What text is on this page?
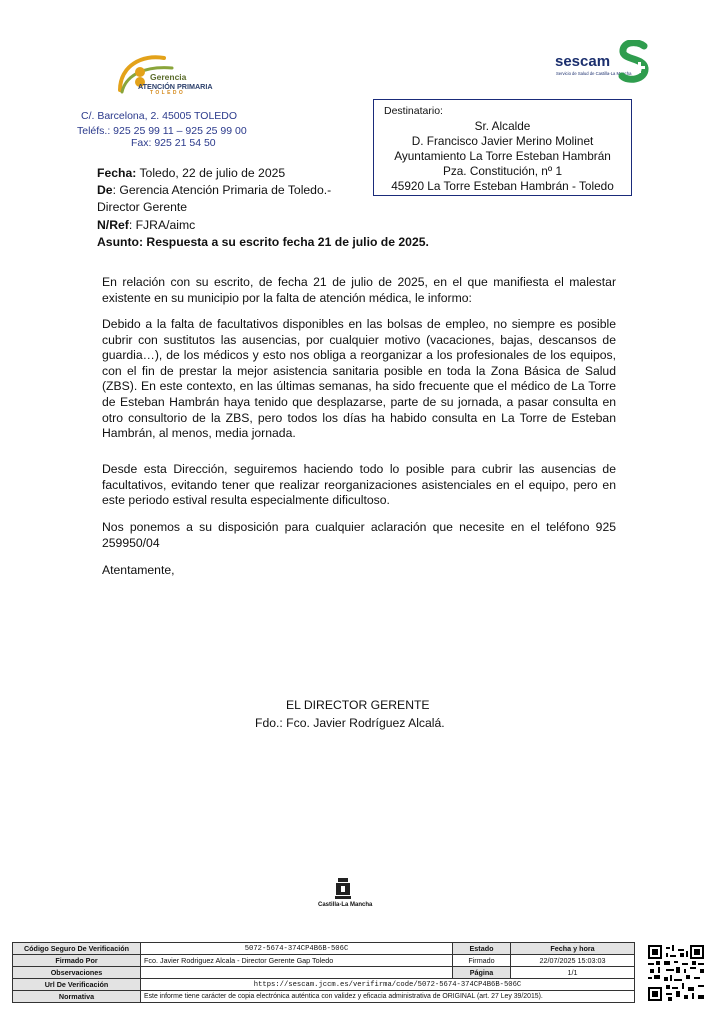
Gerencia
ATENCIÓN PRIMARIA
TOLEDO
C/. Barcelona, 2. 45005 TOLEDO
Teléfs.: 925 25 99 11 – 925 25 99 00
Fax: 925 21 54 50
sescam
Servicio de Salud de Castilla-La Mancha
Destinatario:
Sr. Alcalde
D. Francisco Javier Merino Molinet
Ayuntamiento La Torre Esteban Hambrán
Pza. Constitución, nº 1
45920 La Torre Esteban Hambrán - Toledo
Fecha: Toledo, 22 de julio de 2025
De: Gerencia Atención Primaria de Toledo.-
Director Gerente
N/Ref: FJRA/aimc
Asunto: Respuesta a su escrito fecha 21 de julio de 2025.
En relación con su escrito, de fecha 21 de julio de 2025, en el que manifiesta el malestar existente en su municipio por la falta de atención médica, le informo:
Debido a la falta de facultativos disponibles en las bolsas de empleo, no siempre es posible cubrir con sustitutos las ausencias, por cualquier motivo (vacaciones, bajas, descansos de guardia…), de los médicos y esto nos obliga a reorganizar a los profesionales de los equipos, con el fin de prestar la mejor asistencia sanitaria posible en toda la Zona Básica de Salud (ZBS). En este contexto, en las últimas semanas, ha sido frecuente que el médico de La Torre de Esteban Hambrán haya tenido que desplazarse, parte de su jornada, a pasar consulta en otro consultorio de la ZBS, pero todos los días ha habido consulta en La Torre de Esteban Hambrán, al menos, media jornada.
Desde esta Dirección, seguiremos haciendo todo lo posible para cubrir las ausencias de facultativos, evitando tener que realizar reorganizaciones asistenciales en el equipo, pero en este periodo estival resulta especialmente dificultoso.
Nos ponemos a su disposición para cualquier aclaración que necesite en el teléfono 925 259950/04
Atentamente,
EL DIRECTOR GERENTE
Fdo.: Fco. Javier Rodríguez Alcalá.
Castilla-La Mancha
Código Seguro De Verificación	5072-5674-374CP4B6B-506C	Estado	Fecha y hora
Firmado Por	Fco. Javier Rodriguez Alcala - Director Gerente Gap Toledo	Firmado	22/07/2025 15:03:03
Observaciones		Página	1/1
Url De Verificación	https://sescam.jccm.es/verifirma/code/5072-5674-374CP4B6B-506C		
Normativa	Este informe tiene carácter de copia electrónica auténtica con validez y eficacia administrativa de ORIGINAL (art. 27 Ley 39/2015).		
